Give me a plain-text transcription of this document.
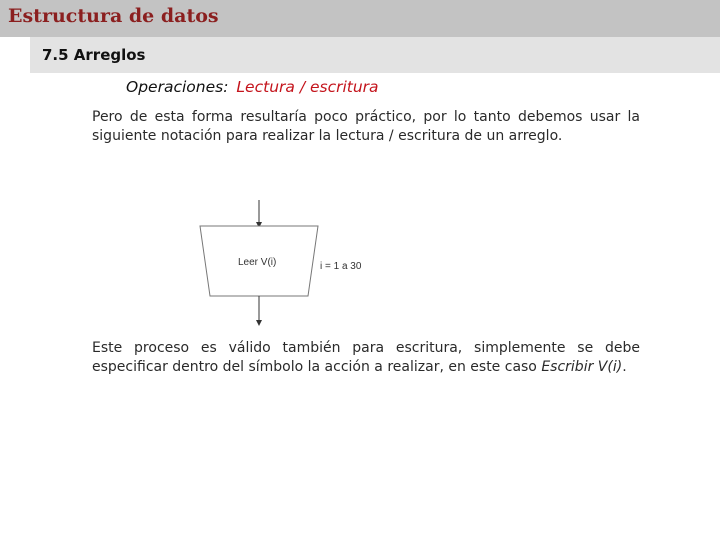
Estructura de datos
7.5 Arreglos
Operaciones: Lectura / escritura
Pero de esta forma resultaría poco práctico, por lo tanto debemos usar la siguiente notación para realizar la lectura / escritura de un arreglo.
Leer V(i)	i = 1 a 30
Este proceso es válido también para escritura, simplemente se debe especificar dentro del símbolo la acción a realizar, en este caso Escribir V(i).
